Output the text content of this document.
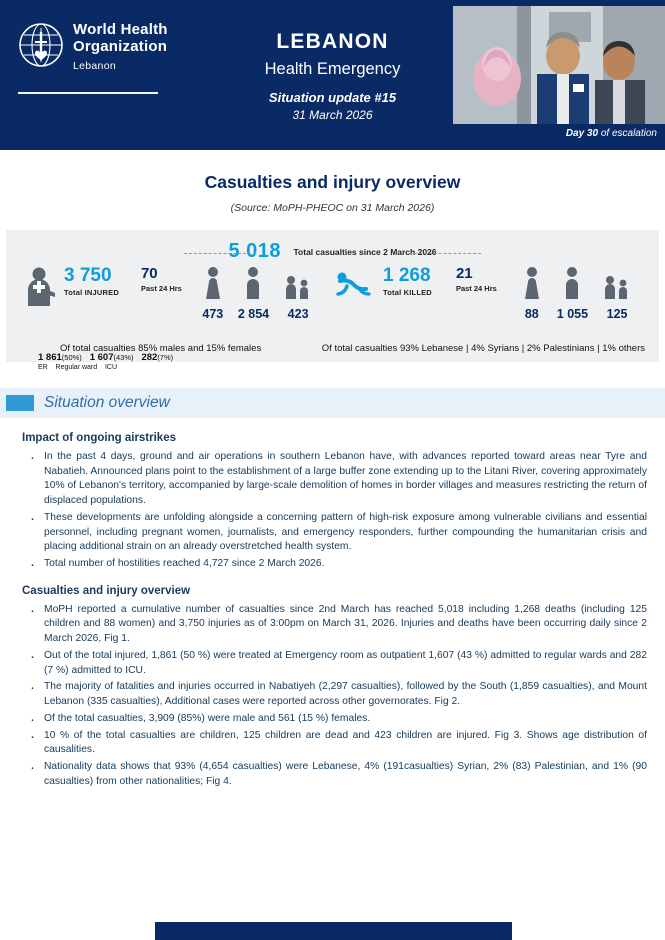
World Health
Organization
Lebanon
LEBANON
Health Emergency
Situation update #15
31 March 2026
Day 30 of escalation
Casualties and injury overview
(Source: MoPH-PHEOC on 31 March 2026)
5 018 Total casualties since 2 March 2026
3 750
Total INJURED
70
Past 24 Hrs
473 2 854	423
1 861(50%) 1 607(43%) 282(7%)
ER Regular ward ICU
1 268
Total KILLED
21
Past 24 Hrs
88	1 055	125
Of total casualties 85% males and 15% females	Of total casualties 93% Lebanese | 4% Syrians | 2% Palestinians | 1% others
Situation overview
Impact of ongoing airstrikes
· In the past 4 days, ground and air operations in southern Lebanon have, with advances reported toward areas near Tyre and Nabatieh. Announced plans point to the establishment of a large buffer zone extending up to the Litani River, covering approximately 10% of Lebanon's territory, accompanied by large-scale demolition of homes in border villages and measures restricting the return of displaced populations.
· These developments are unfolding alongside a concerning pattern of high-risk exposure among vulnerable civilians and essential personnel, including pregnant women, journalists, and emergency responders, further compounding the humanitarian crisis and placing additional strain on an already overstretched health system.
· Total number of hostilities reached 4,727 since 2 March 2026.
Casualties and injury overview
· MoPH reported a cumulative number of casualties since 2nd March has reached 5,018 including 1,268 deaths (including 125 children and 88 women) and 3,750 injuries as of 3:00pm on March 31, 2026. Injuries and deaths have been occurring daily since 2 March 2026, Fig 1.
· Out of the total injured, 1,861 (50 %) were treated at Emergency room as outpatient 1,607 (43 %) admitted to regular wards and 282 (7 %) admitted to ICU.
· The majority of fatalities and injuries occurred in Nabatiyeh (2,297 casualties), followed by the South (1,859 casualties), and Mount Lebanon (335 casualties), Additional cases were reported across other governorates. Fig 2.
· Of the total casualties, 3,909 (85%) were male and 561 (15 %) females.
· 10 % of the total casualties are children, 125 children are dead and 423 children are injured. Fig 3. Shows age distribution of causalities.
· Nationality data shows that 93% (4,654 casualties) were Lebanese, 4% (191casualties) Syrian, 2% (83) Palestinian, and 1% (90 casualties) from other nationalities; Fig 4.
